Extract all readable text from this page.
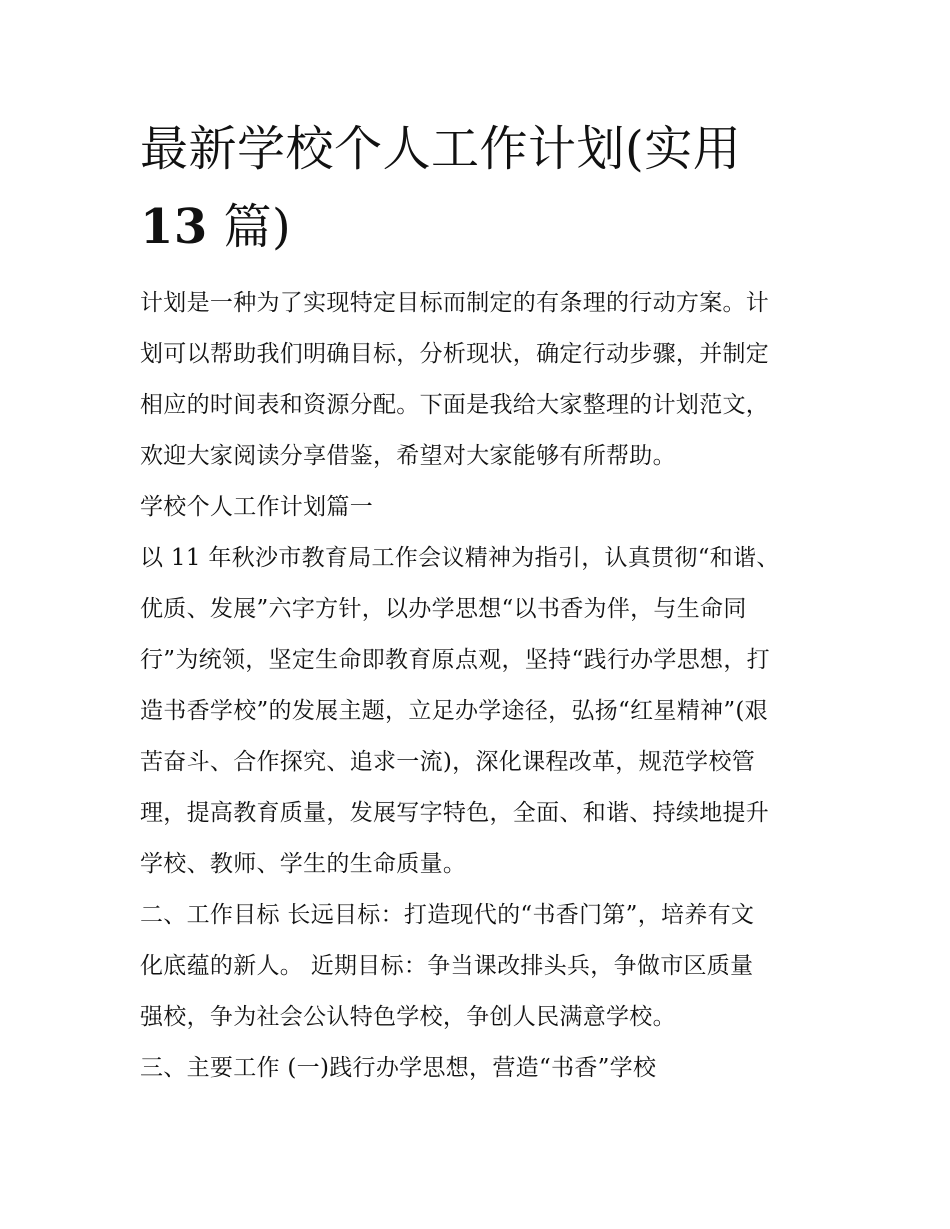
最新学校个人工作计划(实用
13 篇)
计划是一种为了实现特定目标而制定的有条理的行动方案。计
划可以帮助我们明确目标，分析现状，确定行动步骤，并制定
相应的时间表和资源分配。下面是我给大家整理的计划范文，
欢迎大家阅读分享借鉴，希望对大家能够有所帮助。
学校个人工作计划篇一
以 11 年秋沙市教育局工作会议精神为指引，认真贯彻“和谐、
优质、发展”六字方针，以办学思想“以书香为伴，与生命同
行”为统领，坚定生命即教育原点观，坚持“践行办学思想，打
造书香学校”的发展主题，立足办学途径，弘扬“红星精神”(艰
苦奋斗、合作探究、追求一流)，深化课程改革，规范学校管
理，提高教育质量，发展写字特色，全面、和谐、持续地提升
学校、教师、学生的生命质量。
二、工作目标 长远目标：打造现代的“书香门第”，培养有文
化底蕴的新人。 近期目标：争当课改排头兵，争做市区质量
强校，争为社会公认特色学校，争创人民满意学校。
三、主要工作 (一)践行办学思想，营造“书香”学校
